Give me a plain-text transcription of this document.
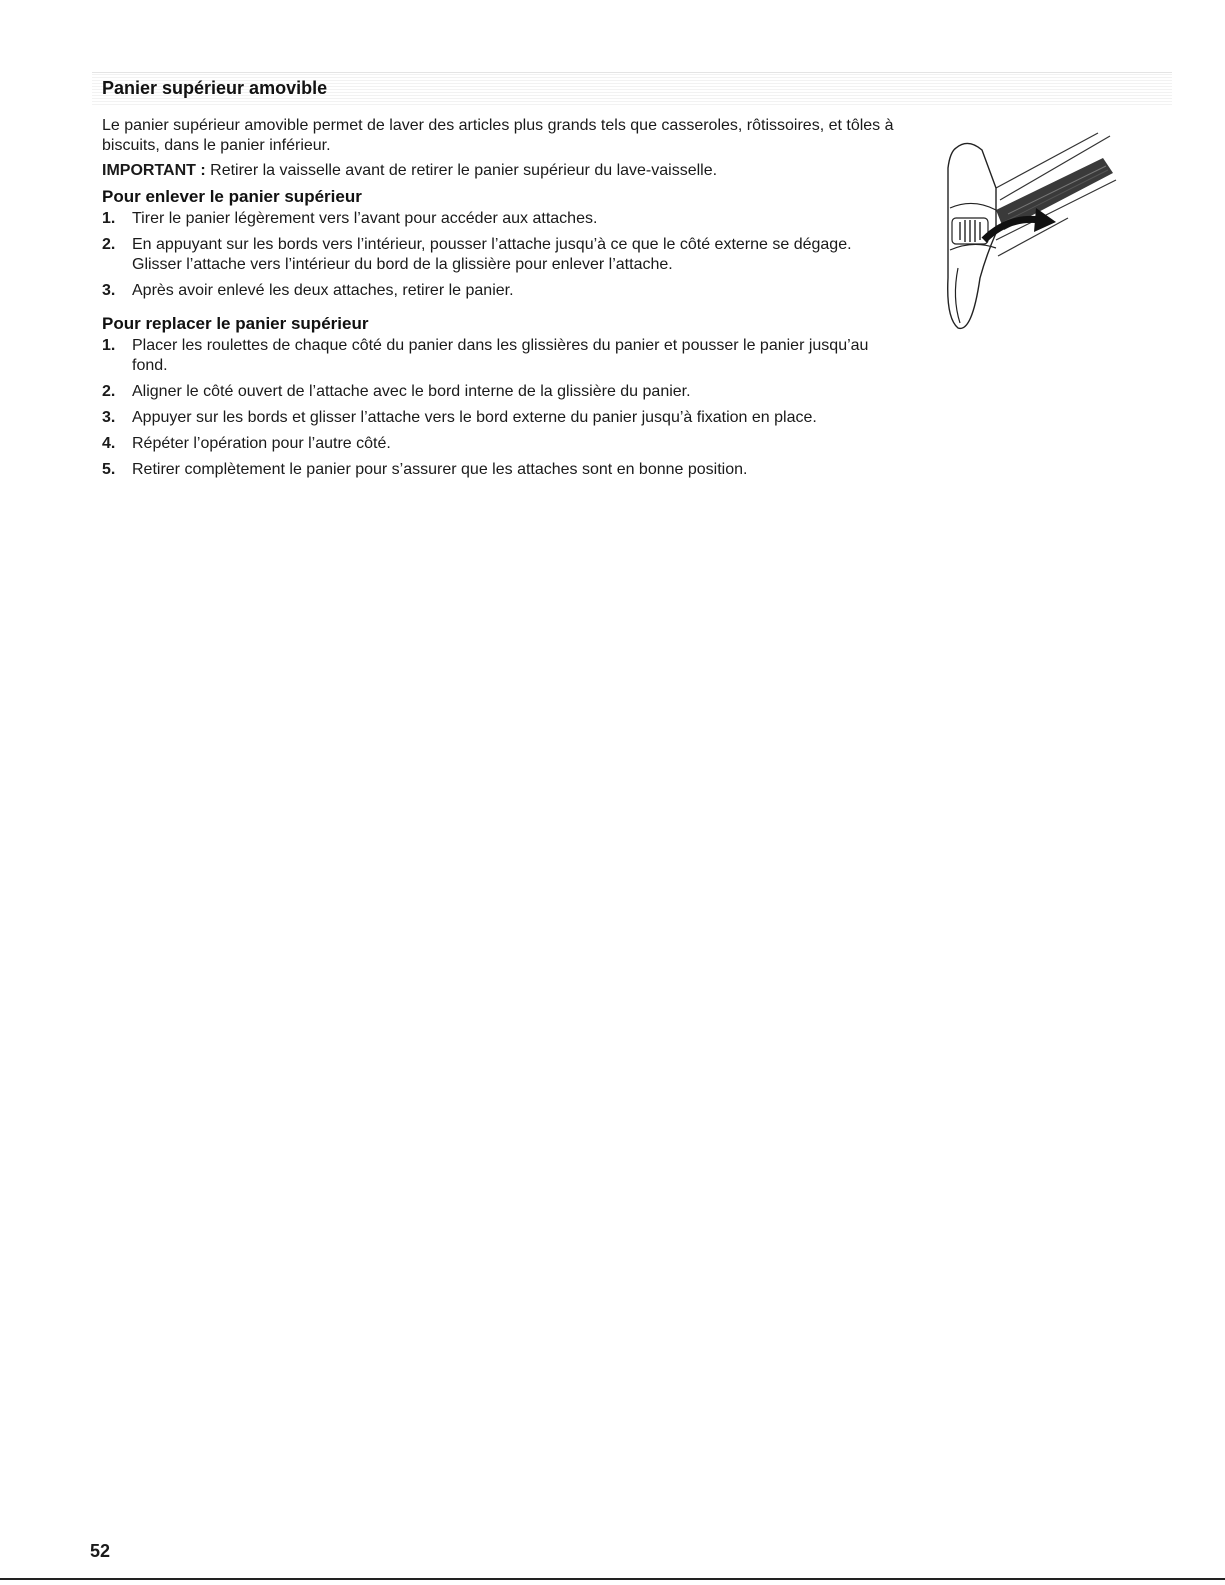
Panier supérieur amovible

Le panier supérieur amovible permet de laver des articles plus grands tels que casseroles, rôtissoires, et tôles à biscuits, dans le panier inférieur.

IMPORTANT : Retirer la vaisselle avant de retirer le panier supérieur du lave-vaisselle.

Pour enlever le panier supérieur
1. Tirer le panier légèrement vers l’avant pour accéder aux attaches.
2. En appuyant sur les bords vers l’intérieur, pousser l’attache jusqu’à ce que le côté externe se dégage. Glisser l’attache vers l’intérieur du bord de la glissière pour enlever l’attache.
3. Après avoir enlevé les deux attaches, retirer le panier.
Pour replacer le panier supérieur
1. Placer les roulettes de chaque côté du panier dans les glissières du panier et pousser le panier jusqu’au fond.
2. Aligner le côté ouvert de l’attache avec le bord interne de la glissière du panier.
3. Appuyer sur les bords et glisser l’attache vers le bord externe du panier jusqu’à fixation en place.
4. Répéter l’opération pour l’autre côté.
5. Retirer complètement le panier pour s’assurer que les attaches sont en bonne position.
52
